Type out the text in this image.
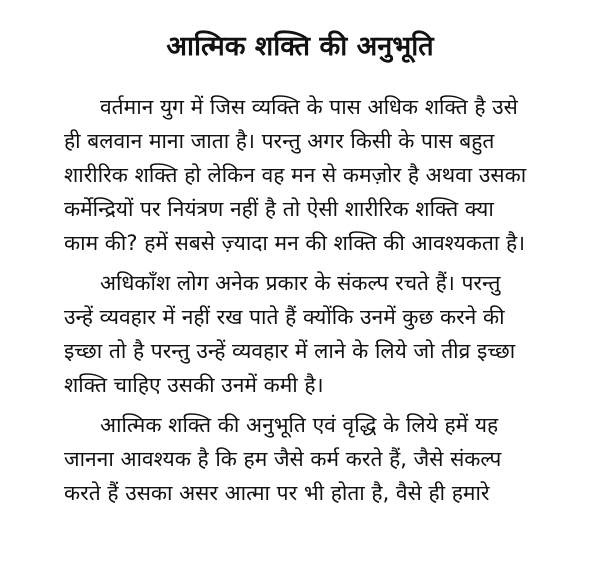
आत्मिक शक्ति की अनुभूति
वर्तमान युग में जिस व्यक्ति के पास अधिक शक्ति है उसे
ही बलवान माना जाता है। परन्तु अगर किसी के पास बहुत
शारीरिक शक्ति हो लेकिन वह मन से कमज़ोर है अथवा उसका
कर्मेन्द्रियों पर नियंत्रण नहीं है तो ऐसी शारीरिक शक्ति क्या
काम की? हमें सबसे ज़्यादा मन की शक्ति की आवश्यकता है।
अधिकाँश लोग अनेक प्रकार के संकल्प रचते हैं। परन्तु
उन्हें व्यवहार में नहीं रख पाते हैं क्योंकि उनमें कुछ करने की
इच्छा तो है परन्तु उन्हें व्यवहार में लाने के लिये जो तीव्र इच्छा
शक्ति चाहिए उसकी उनमें कमी है।
आत्मिक शक्ति की अनुभूति एवं वृद्धि के लिये हमें यह
जानना आवश्यक है कि हम जैसे कर्म करते हैं, जैसे संकल्प
करते हैं उसका असर आत्मा पर भी होता है, वैसे ही हमारे
